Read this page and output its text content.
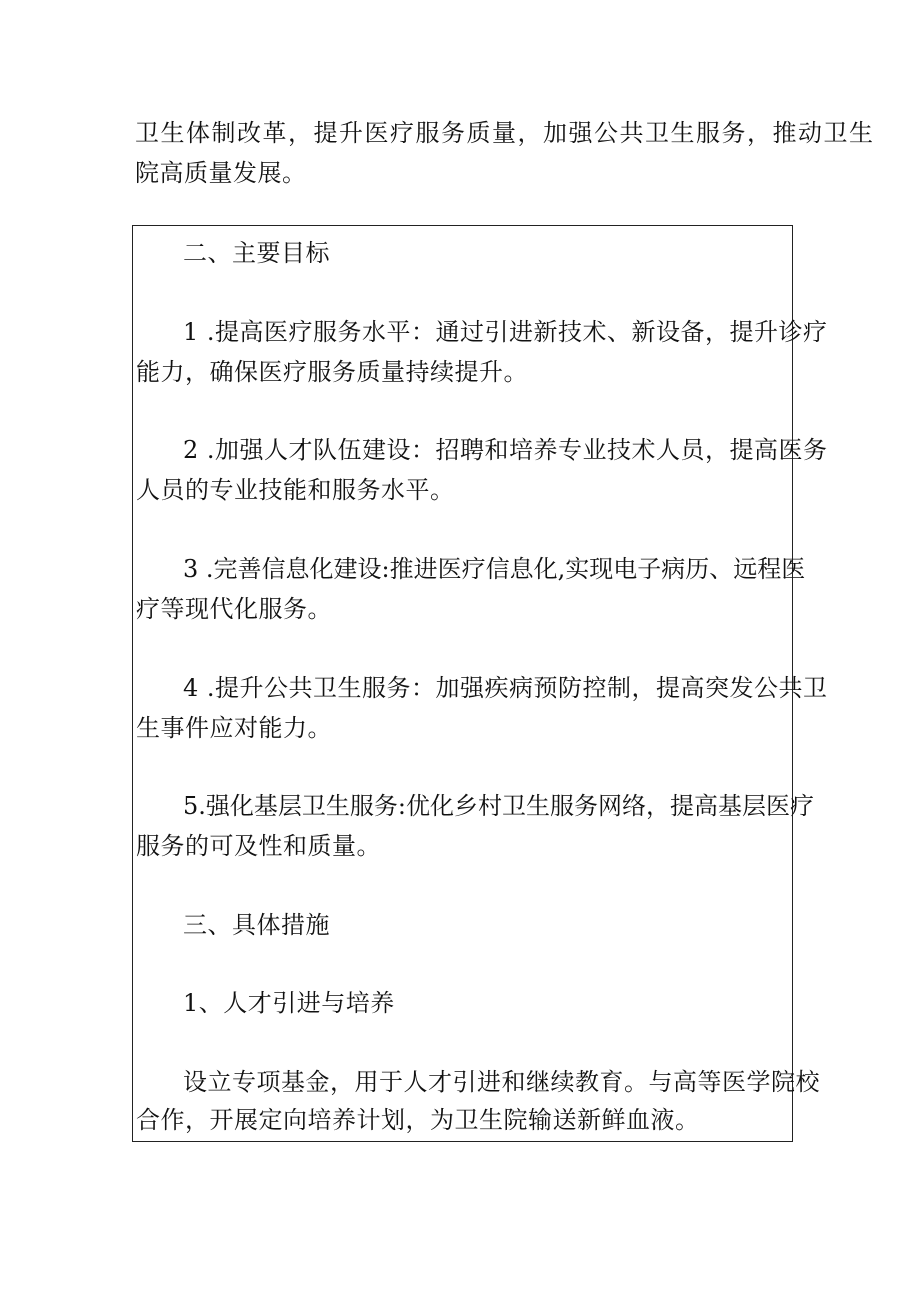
卫生体制改革，提升医疗服务质量，加强公共卫生服务，推动卫生
院高质量发展。
二、主要目标
1 .提高医疗服务水平：通过引进新技术、新设备，提升诊疗
能力，确保医疗服务质量持续提升。
2 .加强人才队伍建设：招聘和培养专业技术人员，提高医务
人员的专业技能和服务水平。
3 .完善信息化建设:推进医疗信息化,实现电子病历、远程医
疗等现代化服务。
4 .提升公共卫生服务：加强疾病预防控制，提高突发公共卫
生事件应对能力。
5.强化基层卫生服务:优化乡村卫生服务网络，提高基层医疗
服务的可及性和质量。
三、具体措施
1、人才引进与培养
设立专项基金，用于人才引进和继续教育。与高等医学院校
合作，开展定向培养计划，为卫生院输送新鲜血液。
